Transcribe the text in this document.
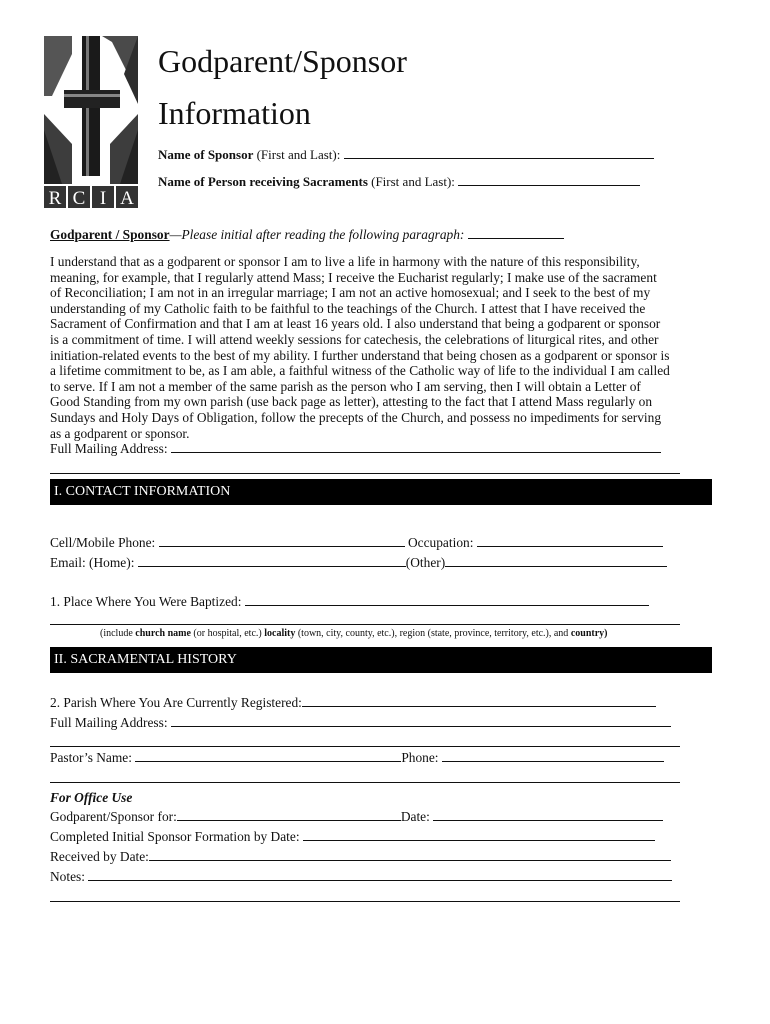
R C I A
Godparent/Sponsor
Information
Name of Sponsor (First and Last):
Name of Person receiving Sacraments (First and Last):
Godparent / Sponsor—Please initial after reading the following paragraph:
I understand that as a godparent or sponsor I am to live a life in harmony with the nature of this responsibility,
meaning, for example, that I regularly attend Mass; I receive the Eucharist regularly; I make use of the sacrament
of Reconciliation; I am not in an irregular marriage; I am not an active homosexual; and I seek to the best of my
understanding of my Catholic faith to be faithful to the teachings of the Church. I attest that I have received the
Sacrament of Confirmation and that I am at least 16 years old. I also understand that being a godparent or sponsor
is a commitment of time. I will attend weekly sessions for catechesis, the celebrations of liturgical rites, and other
initiation-related events to the best of my ability. I further understand that being chosen as a godparent or sponsor is
a lifetime commitment to be, as I am able, a faithful witness of the Catholic way of life to the individual I am called
to serve. If I am not a member of the same parish as the person who I am serving, then I will obtain a Letter of
Good Standing from my own parish (use back page as letter), attesting to the fact that I attend Mass regularly on
Sundays and Holy Days of Obligation, follow the precepts of the Church, and possess no impediments for serving
as a godparent or sponsor.
Full Mailing Address:
I. CONTACT INFORMATION
Cell/Mobile Phone:	Occupation:
Email: (Home):	(Other)
1. Place Where You Were Baptized:
(include church name (or hospital, etc.) locality (town, city, county, etc.), region (state, province, territory, etc.), and country)
II. SACRAMENTAL HISTORY
2. Parish Where You Are Currently Registered:
Full Mailing Address:
Pastor’s Name:	Phone:
For Office Use
Godparent/Sponsor for:	Date:
Completed Initial Sponsor Formation by Date:
Received by Date:
Notes:
